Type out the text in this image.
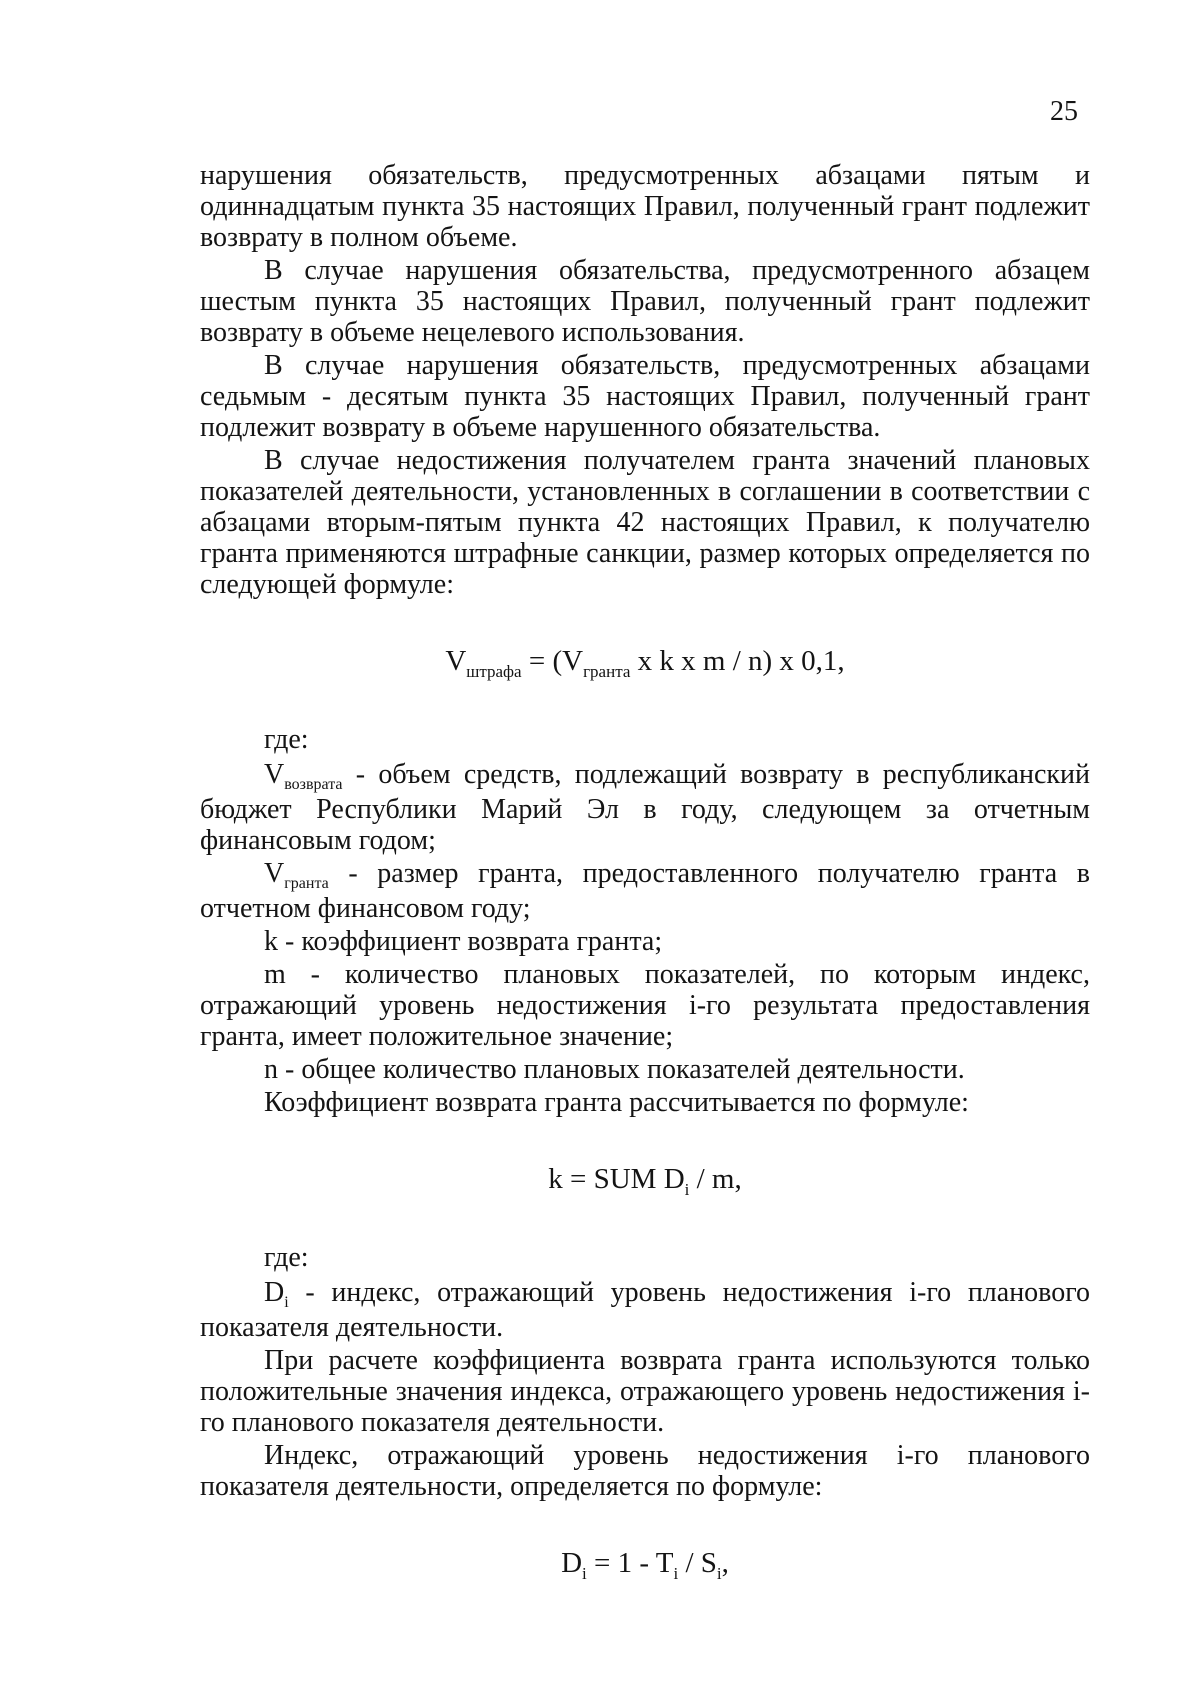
25

нарушения обязательств, предусмотренных абзацами пятым и одиннадцатым пункта 35 настоящих Правил, полученный грант подлежит возврату в полном объеме.

В случае нарушения обязательства, предусмотренного абзацем шестым пункта 35 настоящих Правил, полученный грант подлежит возврату в объеме нецелевого использования.

В случае нарушения обязательств, предусмотренных абзацами седьмым - десятым пункта 35 настоящих Правил, полученный грант подлежит возврату в объеме нарушенного обязательства.

В случае недостижения получателем гранта значений плановых показателей деятельности, установленных в соглашении в соответствии с абзацами вторым-пятым пункта 42 настоящих Правил, к получателю гранта применяются штрафные санкции, размер которых определяется по следующей формуле:

$V_{штрафа} = (V_{гранта}$ x k x m / n) x 0,1,

где:

$V_{возврата}$ - объем средств, подлежащий возврату в республиканский бюджет Республики Марий Эл в году, следующем за отчетным финансовым годом;

$V_{гранта}$ - размер гранта, предоставленного получателю гранта в отчетном финансовом году;

k - коэффициент возврата гранта;

m - количество плановых показателей, по которым индекс, отражающий уровень недостижения i-го результата предоставления гранта, имеет положительное значение;

n - общее количество плановых показателей деятельности.

Коэффициент возврата гранта рассчитывается по формуле:

k = SUM $D_i$ / m,

где:

$D_i$ - индекс, отражающий уровень недостижения i-го планового показателя деятельности.

При расчете коэффициента возврата гранта используются только положительные значения индекса, отражающего уровень недостижения i-го планового показателя деятельности.

Индекс, отражающий уровень недостижения i-го планового показателя деятельности, определяется по формуле:

$D_i = 1 - T_i / S_i$,
